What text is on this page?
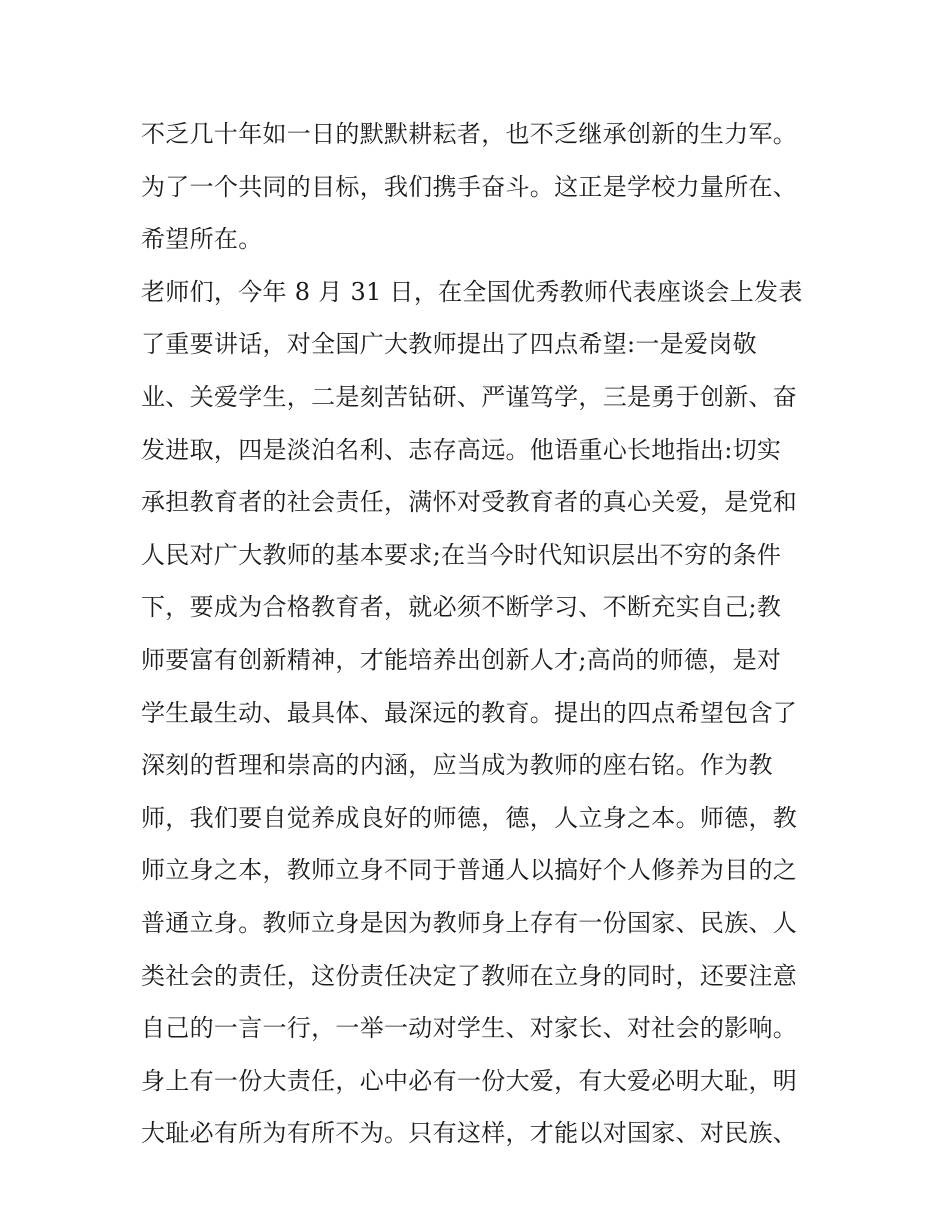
不乏几十年如一日的默默耕耘者，也不乏继承创新的生力军。
为了一个共同的目标，我们携手奋斗。这正是学校力量所在、
希望所在。
老师们，今年 8 月 31 日，在全国优秀教师代表座谈会上发表
了重要讲话，对全国广大教师提出了四点希望:一是爱岗敬
业、关爱学生，二是刻苦钻研、严谨笃学，三是勇于创新、奋
发进取，四是淡泊名利、志存高远。他语重心长地指出:切实
承担教育者的社会责任，满怀对受教育者的真心关爱，是党和
人民对广大教师的基本要求;在当今时代知识层出不穷的条件
下，要成为合格教育者，就必须不断学习、不断充实自己;教
师要富有创新精神，才能培养出创新人才;高尚的师德，是对
学生最生动、最具体、最深远的教育。提出的四点希望包含了
深刻的哲理和崇高的内涵，应当成为教师的座右铭。作为教
师，我们要自觉养成良好的师德，德，人立身之本。师德，教
师立身之本，教师立身不同于普通人以搞好个人修养为目的之
普通立身。教师立身是因为教师身上存有一份国家、民族、人
类社会的责任，这份责任决定了教师在立身的同时，还要注意
自己的一言一行，一举一动对学生、对家长、对社会的影响。
身上有一份大责任，心中必有一份大爱，有大爱必明大耻，明
大耻必有所为有所不为。只有这样，才能以对国家、对民族、
